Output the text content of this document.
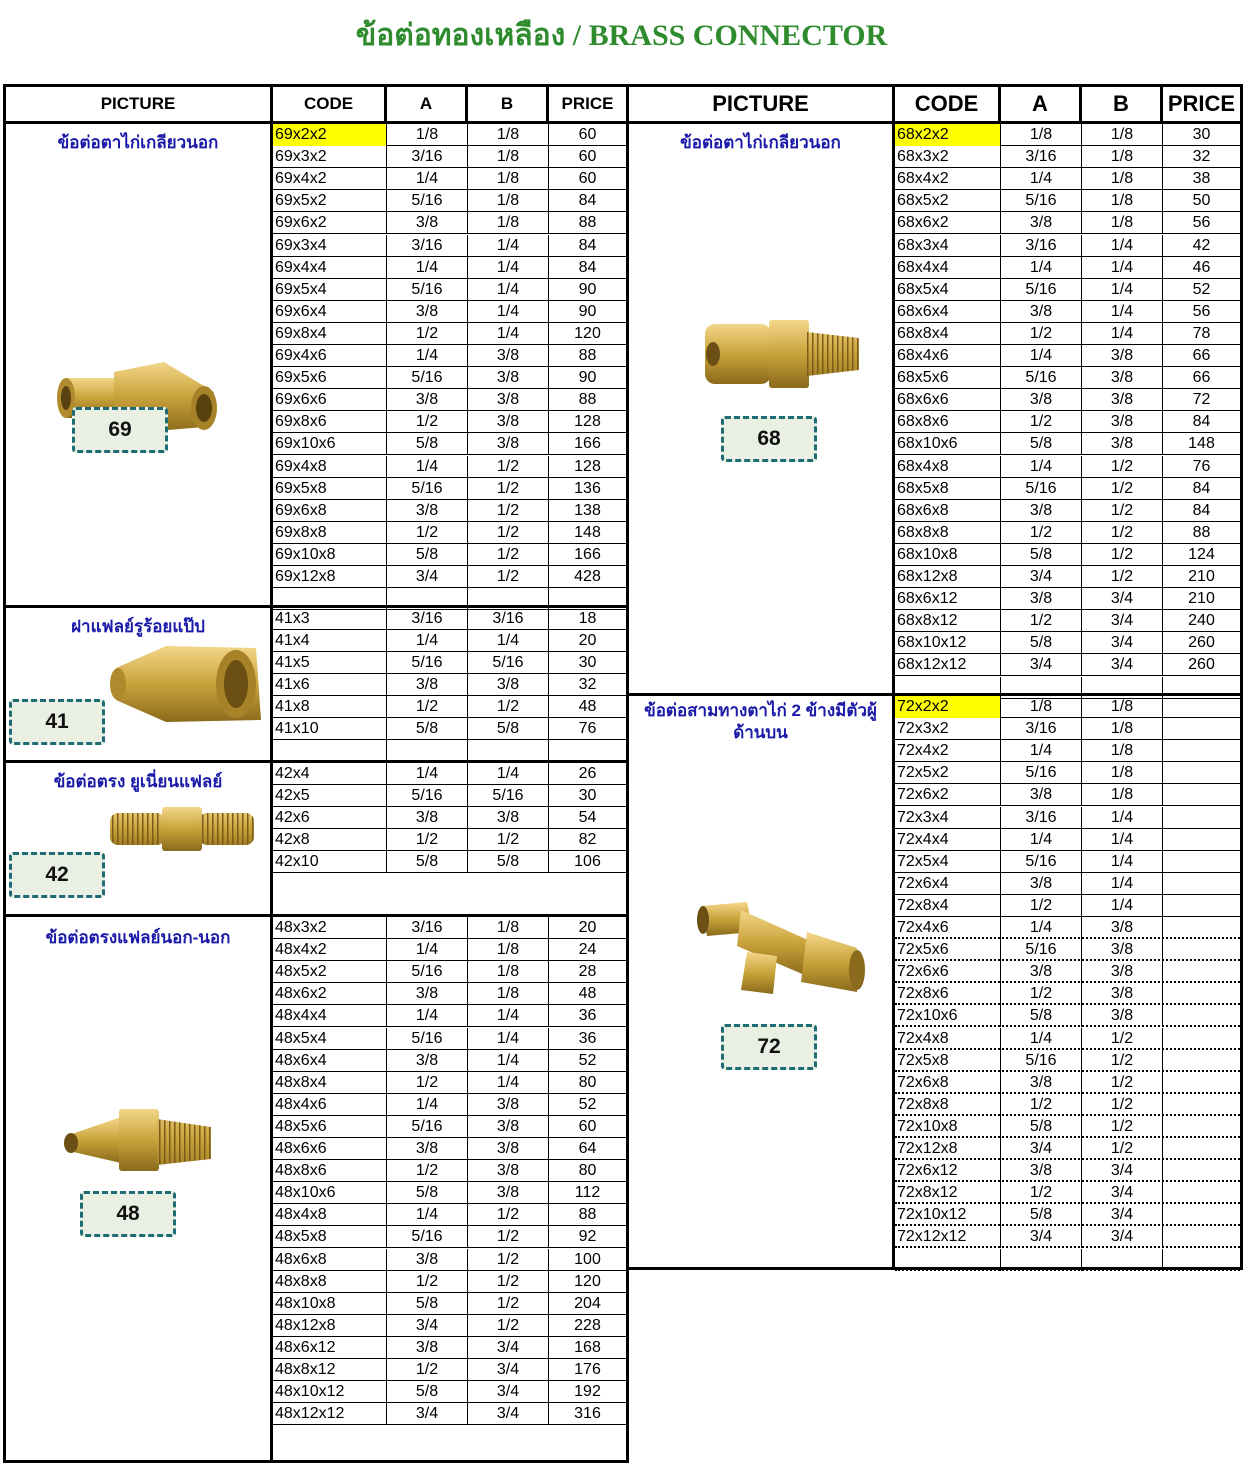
ข้อต่อทองเหลือง / BRASS CONNECTOR
PICTURE	CODE	A	B	PRICE
ข้อต่อตาไก่เกลียวนอก
69
69x2x2	1/8	1/8	60
69x3x2	3/16	1/8	60
69x4x2	1/4	1/8	60
69x5x2	5/16	1/8	84
69x6x2	3/8	1/8	88
69x3x4	3/16	1/4	84
69x4x4	1/4	1/4	84
69x5x4	5/16	1/4	90
69x6x4	3/8	1/4	90
69x8x4	1/2	1/4	120
69x4x6	1/4	3/8	88
69x5x6	5/16	3/8	90
69x6x6	3/8	3/8	88
69x8x6	1/2	3/8	128
69x10x6	5/8	3/8	166
69x4x8	1/4	1/2	128
69x5x8	5/16	1/2	136
69x6x8	3/8	1/2	138
69x8x8	1/2	1/2	148
69x10x8	5/8	1/2	166
69x12x8	3/4	1/2	428
ฝาแฟลย์รูร้อยแป๊ป
41
41x3	3/16	3/16	18
41x4	1/4	1/4	20
41x5	5/16	5/16	30
41x6	3/8	3/8	32
41x8	1/2	1/2	48
41x10	5/8	5/8	76
ข้อต่อตรง ยูเนี่ยนแฟลย์
42
42x4	1/4	1/4	26
42x5	5/16	5/16	30
42x6	3/8	3/8	54
42x8	1/2	1/2	82
42x10	5/8	5/8	106
ข้อต่อตรงแฟลย์นอก-นอก
48
48x3x2	3/16	1/8	20
48x4x2	1/4	1/8	24
48x5x2	5/16	1/8	28
48x6x2	3/8	1/8	48
48x4x4	1/4	1/4	36
48x5x4	5/16	1/4	36
48x6x4	3/8	1/4	52
48x8x4	1/2	1/4	80
48x4x6	1/4	3/8	52
48x5x6	5/16	3/8	60
48x6x6	3/8	3/8	64
48x8x6	1/2	3/8	80
48x10x6	5/8	3/8	112
48x4x8	1/4	1/2	88
48x5x8	5/16	1/2	92
48x6x8	3/8	1/2	100
48x8x8	1/2	1/2	120
48x10x8	5/8	1/2	204
48x12x8	3/4	1/2	228
48x6x12	3/8	3/4	168
48x8x12	1/2	3/4	176
48x10x12	5/8	3/4	192
48x12x12	3/4	3/4	316
PICTURE	CODE	A	B	PRICE
ข้อต่อตาไก่เกลียวนอก
68
68x2x2	1/8	1/8	30
68x3x2	3/16	1/8	32
68x4x2	1/4	1/8	38
68x5x2	5/16	1/8	50
68x6x2	3/8	1/8	56
68x3x4	3/16	1/4	42
68x4x4	1/4	1/4	46
68x5x4	5/16	1/4	52
68x6x4	3/8	1/4	56
68x8x4	1/2	1/4	78
68x4x6	1/4	3/8	66
68x5x6	5/16	3/8	66
68x6x6	3/8	3/8	72
68x8x6	1/2	3/8	84
68x10x6	5/8	3/8	148
68x4x8	1/4	1/2	76
68x5x8	5/16	1/2	84
68x6x8	3/8	1/2	84
68x8x8	1/2	1/2	88
68x10x8	5/8	1/2	124
68x12x8	3/4	1/2	210
68x6x12	3/8	3/4	210
68x8x12	1/2	3/4	240
68x10x12	5/8	3/4	260
68x12x12	3/4	3/4	260
ข้อต่อสามทางตาไก่ 2 ข้างมีตัวผู้ด้านบน
72
72x2x2	1/8	1/8
72x3x2	3/16	1/8
72x4x2	1/4	1/8
72x5x2	5/16	1/8
72x6x2	3/8	1/8
72x3x4	3/16	1/4
72x4x4	1/4	1/4
72x5x4	5/16	1/4
72x6x4	3/8	1/4
72x8x4	1/2	1/4
72x4x6	1/4	3/8
72x5x6	5/16	3/8
72x6x6	3/8	3/8
72x8x6	1/2	3/8
72x10x6	5/8	3/8
72x4x8	1/4	1/2
72x5x8	5/16	1/2
72x6x8	3/8	1/2
72x8x8	1/2	1/2
72x10x8	5/8	1/2
72x12x8	3/4	1/2
72x6x12	3/8	3/4
72x8x12	1/2	3/4
72x10x12	5/8	3/4
72x12x12	3/4	3/4
